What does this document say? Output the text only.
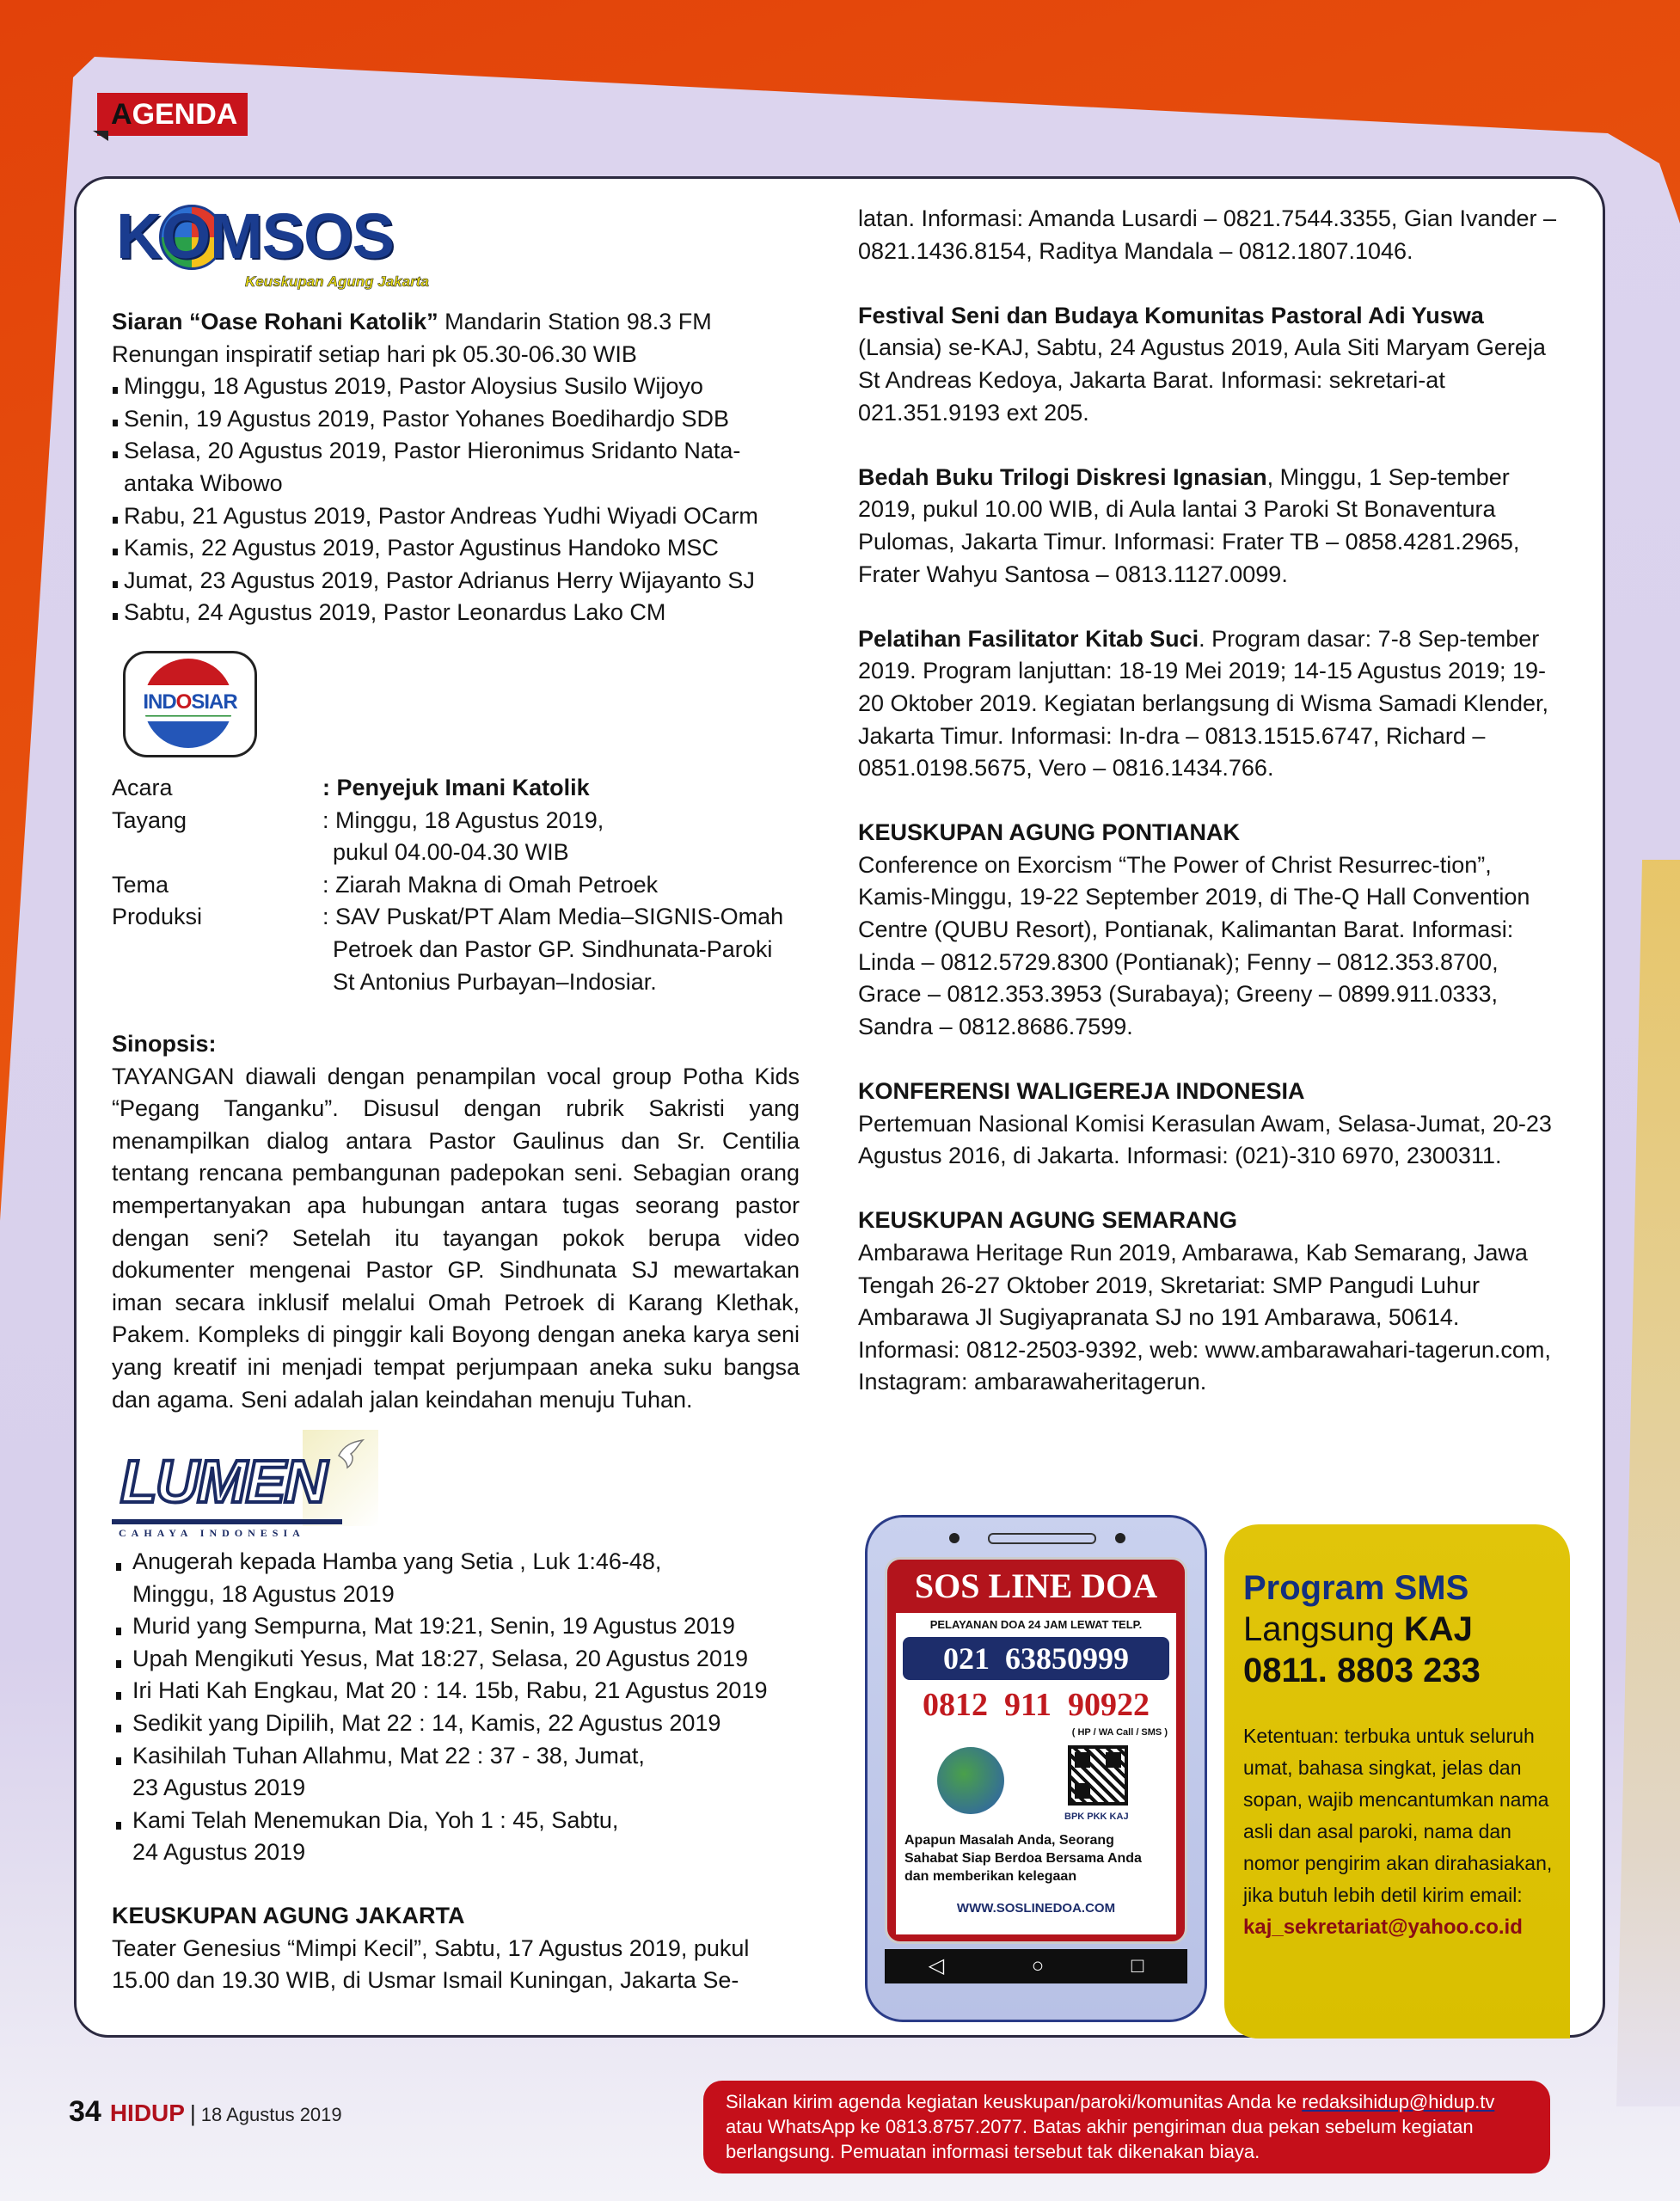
AGENDA
KOMSOS
Keuskupan Agung Jakarta

Siaran “Oase Rohani Katolik” Mandarin Station 98.3 FM

Renungan inspiratif setiap hari pk 05.30-06.30 WIB

Minggu, 18 Agustus 2019, Pastor Aloysius Susilo Wijoyo

Senin, 19 Agustus 2019, Pastor Yohanes Boedihardjo SDB

Selasa, 20 Agustus 2019, Pastor Hieronimus Sridanto Nata-antaka Wibowo

Rabu, 21 Agustus 2019, Pastor Andreas Yudhi Wiyadi OCarm

Kamis, 22 Agustus 2019, Pastor Agustinus Handoko MSC

Jumat, 23 Agustus 2019, Pastor Adrianus Herry Wijayanto SJ

Sabtu, 24 Agustus 2019, Pastor Leonardus Lako CM

INDOSIAR
Acara	: Penyejuk Imani Katolik
Tayang	: Minggu, 18 Agustus 2019,
pukul 04.00-04.30 WIB
Tema	: Ziarah Makna di Omah Petroek
Produksi	: SAV Puskat/PT Alam Media–SIGNIS-Omah
Petroek dan Pastor GP. Sindhunata-Paroki
St Antonius Purbayan–Indosiar.

Sinopsis:

TAYANGAN diawali dengan penampilan vocal group Potha Kids “Pegang Tanganku”. Disusul dengan rubrik Sakristi yang menampilkan dialog antara Pastor Gaulinus dan Sr. Centilia tentang rencana pembangunan padepokan seni. Sebagian orang mempertanyakan apa hubungan antara tugas seorang pastor dengan seni? Setelah itu tayangan pokok berupa video dokumenter mengenai Pastor GP. Sindhunata SJ mewartakan iman secara inklusif melalui Omah Petroek di Karang Klethak, Pakem. Kompleks di pinggir kali Boyong dengan aneka karya seni yang kreatif ini menjadi tempat perjumpaan aneka suku bangsa dan agama. Seni adalah jalan keindahan menuju Tuhan.

LUMEN
CAHAYA INDONESIA

Anugerah kepada Hamba yang Setia , Luk 1:46-48, Minggu, 18 Agustus 2019

Murid yang Sempurna, Mat 19:21, Senin, 19 Agustus 2019

Upah Mengikuti Yesus, Mat 18:27, Selasa, 20 Agustus 2019

Iri Hati Kah Engkau, Mat 20 : 14. 15b, Rabu, 21 Agustus 2019

Sedikit yang Dipilih, Mat 22 : 14, Kamis, 22 Agustus 2019

Kasihilah Tuhan Allahmu, Mat 22 : 37 - 38, Jumat, 23 Agustus 2019

Kami Telah Menemukan Dia, Yoh 1 : 45, Sabtu, 24 Agustus 2019

KEUSKUPAN AGUNG JAKARTA

Teater Genesius “Mimpi Kecil”, Sabtu, 17 Agustus 2019, pukul 15.00 dan 19.30 WIB, di Usmar Ismail Kuningan, Jakarta Se-

latan. Informasi: Amanda Lusardi – 0821.7544.3355, Gian Ivander – 0821.1436.8154, Raditya Mandala – 0812.1807.1046.

Festival Seni dan Budaya Komunitas Pastoral Adi Yuswa (Lansia) se-KAJ, Sabtu, 24 Agustus 2019, Aula Siti Maryam Gereja St Andreas Kedoya, Jakarta Barat. Informasi: sekretari-at 021.351.9193 ext 205.

Bedah Buku Trilogi Diskresi Ignasian, Minggu, 1 Sep-tember 2019, pukul 10.00 WIB, di Aula lantai 3 Paroki St Bonaventura Pulomas, Jakarta Timur. Informasi: Frater TB – 0858.4281.2965, Frater Wahyu Santosa – 0813.1127.0099.

Pelatihan Fasilitator Kitab Suci. Program dasar: 7-8 Sep-tember 2019. Program lanjuttan: 18-19 Mei 2019; 14-15 Agustus 2019; 19-20 Oktober 2019. Kegiatan berlangsung di Wisma Samadi Klender, Jakarta Timur. Informasi: In-dra – 0813.1515.6747, Richard – 0851.0198.5675, Vero – 0816.1434.766.

KEUSKUPAN AGUNG PONTIANAK

Conference on Exorcism “The Power of Christ Resurrec-tion”, Kamis-Minggu, 19-22 September 2019, di The-Q Hall Convention Centre (QUBU Resort), Pontianak, Kalimantan Barat. Informasi: Linda – 0812.5729.8300 (Pontianak); Fenny – 0812.353.8700, Grace – 0812.353.3953 (Surabaya); Greeny – 0899.911.0333, Sandra – 0812.8686.7599.

KONFERENSI WALIGEREJA INDONESIA

Pertemuan Nasional Komisi Kerasulan Awam, Selasa-Jumat, 20-23 Agustus 2016, di Jakarta. Informasi: (021)-310 6970, 2300311.

KEUSKUPAN AGUNG SEMARANG

Ambarawa Heritage Run 2019, Ambarawa, Kab Semarang, Jawa Tengah 26-27 Oktober 2019, Skretariat: SMP Pangudi Luhur Ambarawa Jl Sugiyapranata SJ no 191 Ambarawa, 50614. Informasi: 0812-2503-9392, web: www.ambarawahari-tagerun.com, Instagram: ambarawaheritagerun.

SOS LINE DOA
PELAYANAN DOA 24 JAM LEWAT TELP.
021  63850999
0812  911  90922
( HP / WA Call / SMS )
BPK PKK KAJ
Apapun Masalah Anda, Seorang Sahabat Siap Berdoa Bersama Anda dan memberikan kelegaan
WWW.SOSLINEDOA.COM
◁	○	□
Program SMS
Langsung KAJ
0811. 8803 233
Ketentuan: terbuka untuk seluruh umat, bahasa singkat, jelas dan sopan, wajib mencantumkan nama asli dan asal paroki, nama dan nomor pengirim akan dirahasiakan, jika butuh lebih detil kirim email:
kaj_sekretariat@yahoo.co.id
34 HIDUP | 18 Agustus 2019
Silakan kirim agenda kegiatan keuskupan/paroki/komunitas Anda ke redaksihidup@hidup.tv atau WhatsApp ke 0813.8757.2077. Batas akhir pengiriman dua pekan sebelum kegiatan berlangsung. Pemuatan informasi tersebut tak dikenakan biaya.
